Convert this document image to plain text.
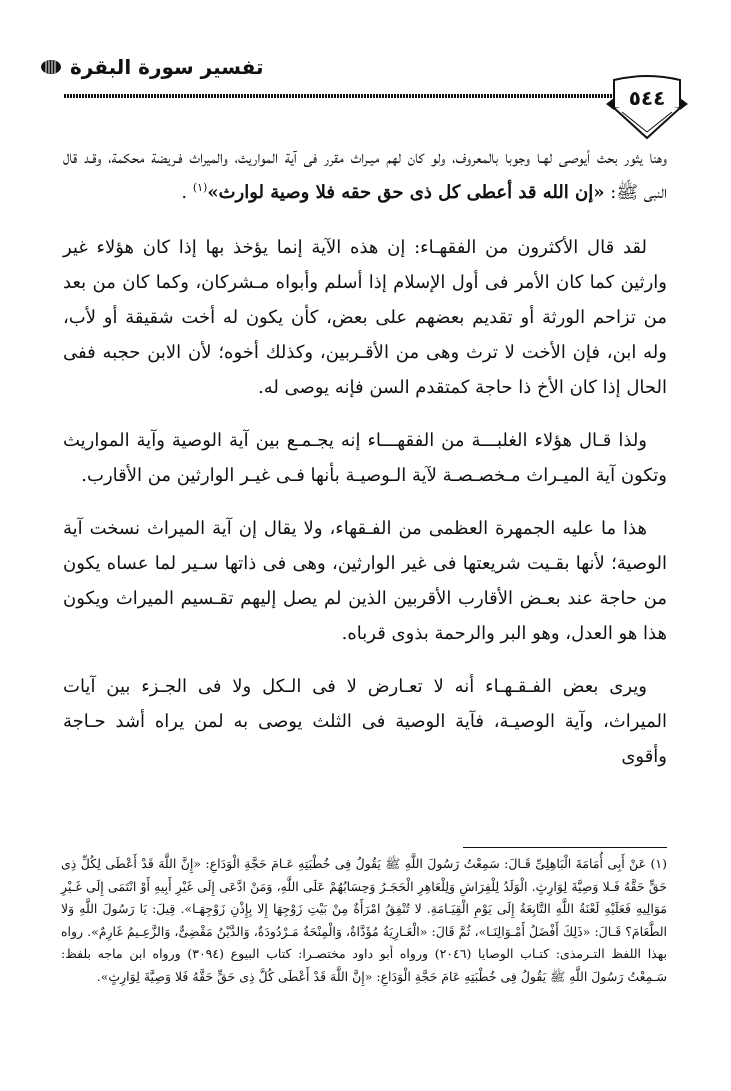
تفسير سورة البقرة
٥٤٤

وهنا يثور بحث أيوصى لهـا وجوبا بالمعروف، ولو كان لهم ميـراث مقرر فى آية المواريث، والميراث فـريضة محكمة، وقـد قال النبى ﷺ: «إن الله قد أعطى كل ذى حق حقه فلا وصية لوارث»$^{(١)}$ .

لقد قال الأكثرون من الفقهـاء: إن هذه الآية إنما يؤخذ بها إذا كان هؤلاء غير وارثين كما كان الأمر فى أول الإسلام إذا أسلم وأبواه مـشركان، وكما كان من بعد من تزاحم الورثة أو تقديم بعضهم على بعض، كأن يكون له أخت شقيقة أو لأب، وله ابن، فإن الأخت لا ترث وهى من الأقـربين، وكذلك أخوه؛ لأن الابن حجبه ففى الحال إذا كان الأخ ذا حاجة كمتقدم السن فإنه يوصى له.

ولذا قـال هؤلاء الغلبـــة من الفقهـــاء إنه يجـمـع بين آية الوصية وآية المواريث وتكون آية الميـراث مـخصـصـة لآية الـوصيـة بأنها فـى غيـر الوارثين من الأقارب.

هذا ما عليه الجمهرة العظمى من الفـقهاء، ولا يقال إن آية الميراث نسخت آية الوصية؛ لأنها بقـيت شريعتها فى غير الوارثين، وهى فى ذاتها سـير لما عساه يكون من حاجة عند بعـض الأقارب الأقربين الذين لم يصل إليهم تقـسيم الميراث ويكون هذا هو العدل، وهو البر والرحمة بذوى قرباه.

ويرى بعض الفـقـهـاء أنه لا تعـارض لا فى الـكل ولا فى الجـزء بين آيات الميراث، وآية الوصيـة، فآية الوصية فى الثلث يوصى به لمن يراه أشد حـاجة وأقوى

(١) عَنْ أَبِى أُمَامَةَ الْبَاهِلِىِّ قَـالَ: سَمِعْتُ رَسُولَ اللَّهِ ﷺ يَقُولُ فِى خُطْبَتِهِ عَـامَ حَجَّةِ الْوَدَاعِ: «إِنَّ اللَّهَ قَدْ أَعْطَى لِكُلِّ ذِى حَقٍّ حَقَّهُ فَـلا وَصِيَّةَ لِوَارِثٍ. الْوَلَدُ لِلْفِرَاشِ وَلِلْعَاهِرِ الْحَجَـرُ وَحِسَابُهُمْ عَلَى اللَّهِ، وَمَنْ ادَّعَى إِلَى غَيْرِ أَبِيهِ أَوْ انْتَمَى إِلَى غَـيْرِ مَوَالِيهِ فَعَلَيْهِ لَعْنَةُ اللَّهِ التَّابِعَةُ إِلَى يَوْمِ الْقِيَـامَةِ. لا تُنْفِقُ امْرَأَةٌ مِنْ بَيْتِ زَوْجِهَا إِلا بِإِذْنِ زَوْجِهَـا». قِيلَ: يَا رَسُولَ اللَّهِ وَلا الطَّعَامَ؟ قَـالَ: «ذَلِكَ أَفْضَلُ أَمْـوَالِنَـا»، ثُمَّ قَالَ: «الْعَـارِيَةُ مُؤَدَّاةٌ، وَالْمِنْحَةُ مَـرْدُودَةٌ، وَالدَّيْنُ مَقْضِىٌّ، وَالزَّعِـيمُ غَارِمٌ». رواه بهذا اللفظ التـرمذى: كتـاب الوصايا (٢٠٤٦) ورواه أبو داود مختصـرا: كتاب البيوع (٣٠٩٤) ورواه ابن ماجه بلفظ: سَـمِعْتُ رَسُولَ اللَّهِ ﷺ يَقُولُ فِى خُطْبَتِهِ عَامَ حَجَّةِ الْوَدَاعِ: «إِنَّ اللَّهَ قَدْ أَعْطَى كُلَّ ذِى حَقٍّ حَقَّهُ فَلا وَصِيَّةَ لِوَارِثٍ».
